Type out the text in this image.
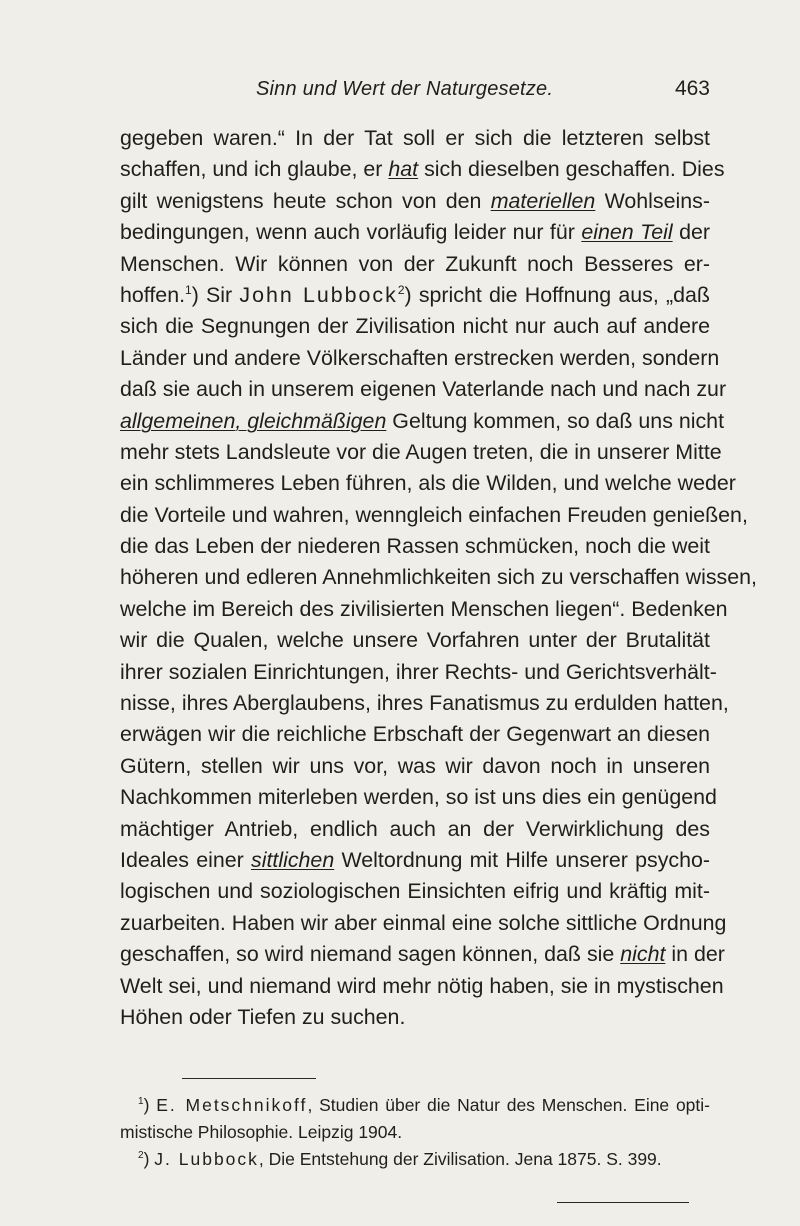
Sinn und Wert der Naturgesetze.	463
gegeben waren.“ In der Tat soll er sich die letzteren selbst
schaffen, und ich glaube, er hat sich dieselben geschaffen. Dies
gilt wenigstens heute schon von den materiellen Wohlseins-
bedingungen, wenn auch vorläufig leider nur für einen Teil der
Menschen. Wir können von der Zukunft noch Besseres er-
hoffen.$^1$) Sir John Lubbock$^2$) spricht die Hoffnung aus, „daß
sich die Segnungen der Zivilisation nicht nur auch auf andere
Länder und andere Völkerschaften erstrecken werden, sondern
daß sie auch in unserem eigenen Vaterlande nach und nach zur
allgemeinen, gleichmäßigen Geltung kommen, so daß uns nicht
mehr stets Landsleute vor die Augen treten, die in unserer Mitte
ein schlimmeres Leben führen, als die Wilden, und welche weder
die Vorteile und wahren, wenngleich einfachen Freuden genießen,
die das Leben der niederen Rassen schmücken, noch die weit
höheren und edleren Annehmlichkeiten sich zu verschaffen wissen,
welche im Bereich des zivilisierten Menschen liegen“. Bedenken
wir die Qualen, welche unsere Vorfahren unter der Brutalität
ihrer sozialen Einrichtungen, ihrer Rechts- und Gerichtsverhält-
nisse, ihres Aberglaubens, ihres Fanatismus zu erdulden hatten,
erwägen wir die reichliche Erbschaft der Gegenwart an diesen
Gütern, stellen wir uns vor, was wir davon noch in unseren
Nachkommen miterleben werden, so ist uns dies ein genügend
mächtiger Antrieb, endlich auch an der Verwirklichung des
Ideales einer sittlichen Weltordnung mit Hilfe unserer psycho-
logischen und soziologischen Einsichten eifrig und kräftig mit-
zuarbeiten. Haben wir aber einmal eine solche sittliche Ordnung
geschaffen, so wird niemand sagen können, daß sie nicht in der
Welt sei, und niemand wird mehr nötig haben, sie in mystischen
Höhen oder Tiefen zu suchen.
$^1$) E. Metschnikoff, Studien über die Natur des Menschen. Eine opti-
mistische Philosophie. Leipzig 1904.
$^2$) J. Lubbock, Die Entstehung der Zivilisation. Jena 1875. S. 399.
